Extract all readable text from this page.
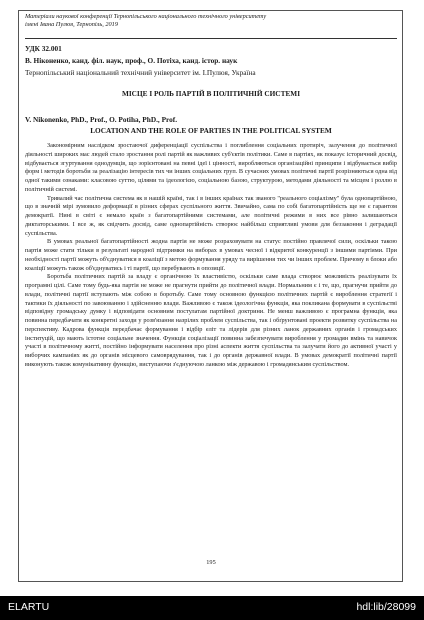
Матеріали наукової конференції Тернопільського національного технічного університету

імені Івана Пулюя, Тернопіль, 2019

УДК 32.001

В. Ніконенко, канд. філ. наук, проф., О. Потіха, канд. істор. наук

Тернопільський національний технічний університет ім. І.Пулюя, Україна

МІСЦЕ І РОЛЬ ПАРТІЙ В ПОЛІТИЧНІЙ СИСТЕМІ

V. Nikonenko, PhD., Prof., O. Potiha, PhD., Prof.

LOCATION AND THE ROLE OF PARTIES IN THE POLITICAL SYSTEM

Закономірним наслідком зростаючої диференціації суспільства і поглиблення соціальних протиріч, залучення до політичної діяльності широких мас людей стало зростання ролі партій як важливих суб'єктів політики. Саме в партіях, як показує історичний досвід, відбувається згуртування однодумців, що зорієнтовані на певні ідеї і цінності, виробляються організаційні принципи і відбувається вибір форм і методів боротьби за реалізацію інтересів тих чи інших соціальних груп. В сучасних умовах політичні партії розрізняються одна від одної такими ознаками: класовою суттю, цілями та ідеологією, соціальною базою, структурою, методами діяльності та місцем і роллю в політичній системі.

Тривалий час політична система як в нашій країні, так і в інших країнах так званого "реального соціалізму" була однопартійною, що в значній мірі зумовило деформації в різних сферах суспільного життя. Звичайно, сама по собі багатопартійність ще не є гарантом демократії. Нині в світі є немало країн з багатопартійними системами, але політичні режими в них все рівно залишаються диктаторськими. І все ж, як свідчить досвід, саме однопартійність створює найбільш сприятливі умови для беззаконня і деградації суспільства.

В умовах реальної багатопартійності жодна партія не може розраховувати на статус постійно правлячої сили, оскільки такою партія може стати тільки в результаті народної підтримки на виборах в умовах чесної і відкритої конкуренції з іншими партіями. При необхідності партії можуть об'єднуватися в коаліції з метою формування уряду та вирішення тих чи інших проблем. Причому в блоки або коаліції можуть також об'єднуватись і ті партії, що перебувають в опозиції.

Боротьба політичних партій за владу є органічною їх властивістю, оскільки саме влада створює можливість реалізувати їх програмні цілі. Саме тому будь-яка партія не може не прагнути прийти до політичної влади. Нормальним є і те, що, прагнучи прийти до влади, політичні партії вступають між собою в боротьбу. Саме тому основною функцією політичних партій є вироблення стратегії і тактики їх діяльності по завоюванню і здійсненню влади. Важливою є також ідеологічна функція, яка покликана формувати в суспільстві відповідну громадську думку і відповідати основним постулатам партійної доктрини. Не менш важливою є програмна функція, яка повинна передбачати як конкретні заходи у розв'язання назрілих проблем суспільства, так і обґрунтовані проекти розвитку суспільства на перспективу. Кадрова функція передбачає формування і відбір еліт та лідерів для різних ланок державних органів і громадських інституцій, що мають істотне соціальне значення. Функція соціалізації повинна забезпечувати вироблення у громадян вмінь та навичок участі в політичному житті, постійно інформувати населення про різні аспекти життя суспільства та залучати його до активної участі у виборчих кампаніях як до органів місцевого самоврядування, так і до органів державної влади. В умовах демократії політичні партії виконують також комунікативну функцію, виступаючи з'єднуючою ланкою між державою і громадянським суспільством.

195

ELARTU	hdl:lib/28099
